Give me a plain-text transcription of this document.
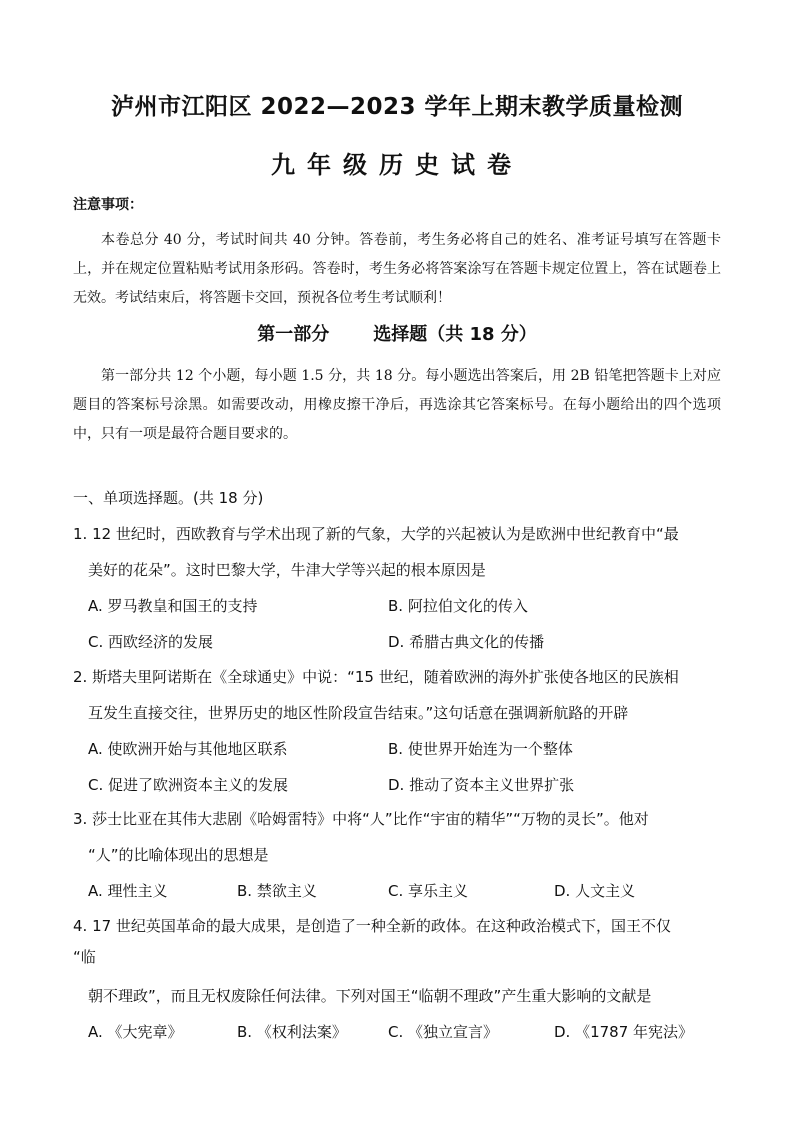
泸州市江阳区 2022—2023 学年上期末教学质量检测
九年级历史试卷
注意事项：

本卷总分 40 分，考试时间共 40 分钟。答卷前，考生务必将自己的姓名、准考证号填写在答题卡上，并在规定位置粘贴考试用条形码。答卷时，考生务必将答案涂写在答题卡规定位置上，答在试题卷上无效。考试结束后，将答题卡交回，预祝各位考生考试顺利！

第一部分 选择题（共 18 分）

第一部分共 12 个小题，每小题 1.5 分，共 18 分。每小题选出答案后，用 2B 铅笔把答题卡上对应题目的答案标号涂黑。如需要改动，用橡皮擦干净后，再选涂其它答案标号。在每小题给出的四个选项中，只有一项是最符合题目要求的。

一、单项选择题。(共 18 分)
1. 12 世纪时，西欧教育与学术出现了新的气象，大学的兴起被认为是欧洲中世纪教育中“最
美好的花朵”。这时巴黎大学，牛津大学等兴起的根本原因是
A. 罗马教皇和国王的支持	B. 阿拉伯文化的传入
C. 西欧经济的发展	D. 希腊古典文化的传播
2. 斯塔夫里阿诺斯在《全球通史》中说：“15 世纪，随着欧洲的海外扩张使各地区的民族相
互发生直接交往，世界历史的地区性阶段宣告结束。”这句话意在强调新航路的开辟
A. 使欧洲开始与其他地区联系	B. 使世界开始连为一个整体
C. 促进了欧洲资本主义的发展	D. 推动了资本主义世界扩张
3. 莎士比亚在其伟大悲剧《哈姆雷特》中将“人”比作“宇宙的精华”“万物的灵长”。他对
“人”的比喻体现出的思想是
A. 理性主义	B. 禁欲主义	C. 享乐主义	D. 人文主义
4. 17 世纪英国革命的最大成果，是创造了一种全新的政体。在这种政治模式下，国王不仅
“临
朝不理政”，而且无权废除任何法律。下列对国王“临朝不理政”产生重大影响的文献是
A. 《大宪章》	B. 《权利法案》	C. 《独立宣言》	D. 《1787 年宪法》
